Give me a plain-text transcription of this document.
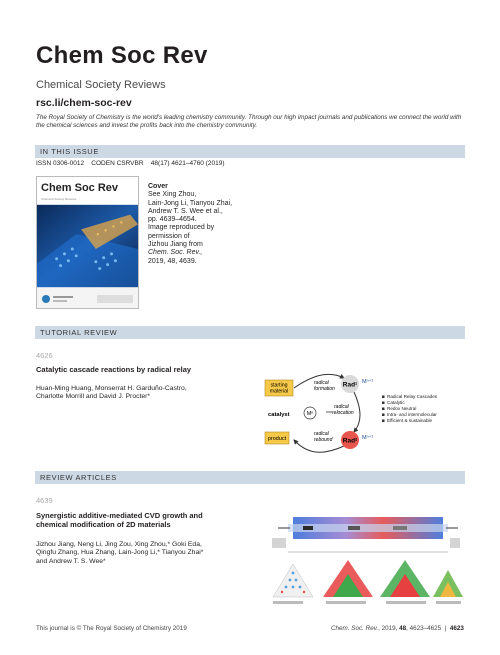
Chem Soc Rev
Chemical Society Reviews
rsc.li/chem-soc-rev
The Royal Society of Chemistry is the world's leading chemistry community. Through our high impact journals and publications we connect the world with the chemical sciences and invest the profits back into the chemistry community.
IN THIS ISSUE
ISSN 0306-0012 CODEN CSRVBR 48(17) 4621–4760 (2019)
Chem Soc Rev
Chemical Society Reviews
Cover
See Xing Zhou,
Lain-Jong Li, Tianyou Zhai,
Andrew T. S. Wee et al.,
pp. 4639–4654.
Image reproduced by
permission of
Jizhou Jiang from
Chem. Soc. Rev.,
2019, 48, 4639.
TUTORIAL REVIEW
4626
Catalytic cascade reactions by radical relay
Huan-Ming Huang, Monserrat H. Garduño-Castro,
Charlotte Morrill and David J. Procter*
starting
material
product
catalyst	Mⁿ
Rad¹ Mⁿ⁺¹
Rad² Mⁿ⁺¹
radical
formation
radical
relocation
radical
rebound
Radical Relay Cascades
Catalytic
Redox Neutral
Intra- and intermolecular
Efficient & sustainable
REVIEW ARTICLES
4639
Synergistic additive-mediated CVD growth and
chemical modification of 2D materials
Jizhou Jiang, Neng Li, Jing Zou, Xing Zhou,* Goki Eda,
Qingfu Zhang, Hua Zhang, Lain-Jong Li,* Tianyou Zhai*
and Andrew T. S. Wee*
This journal is © The Royal Society of Chemistry 2019	Chem. Soc. Rev., 2019, 48, 4623–4625  |  4623
